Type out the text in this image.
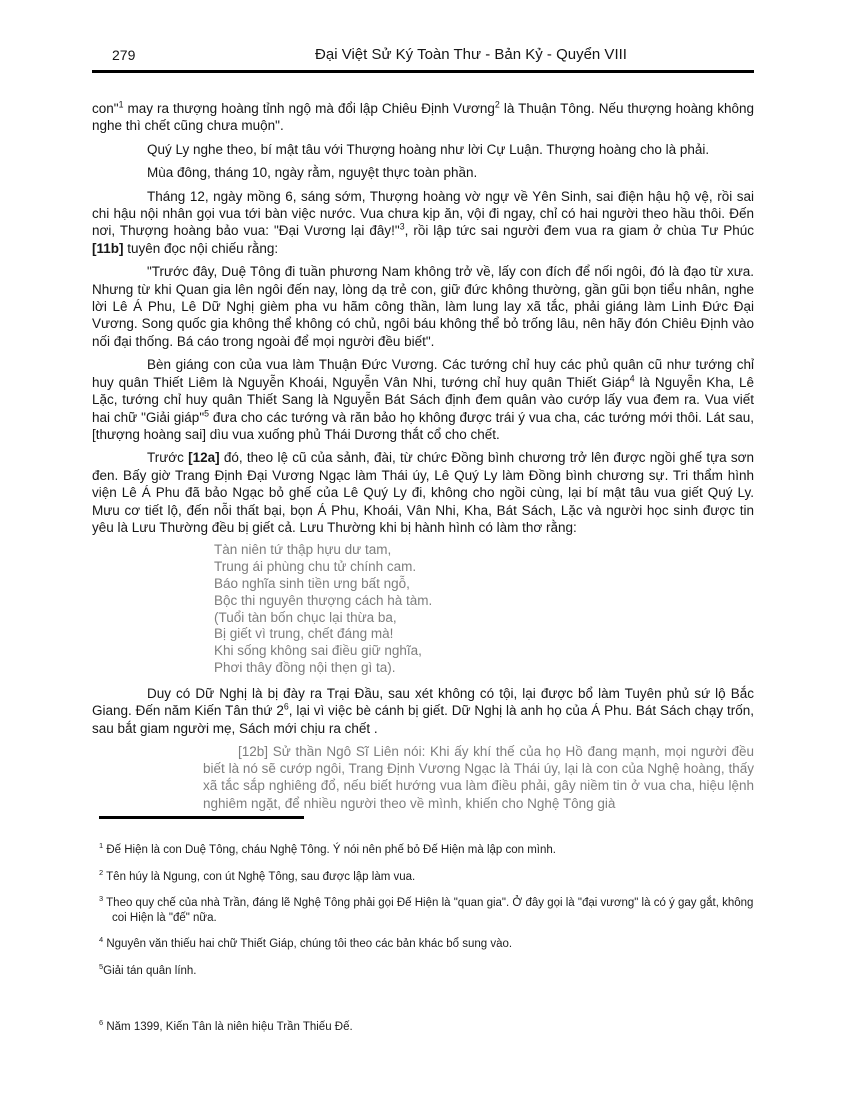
279	Đại Việt Sử Ký Toàn Thư - Bản Kỷ - Quyển VIII

con"$^1$ may ra thượng hoàng tỉnh ngộ mà đổi lập Chiêu Định Vương$^2$ là Thuận Tông. Nếu thượng hoàng không nghe thì chết cũng chưa muộn".

Quý Ly nghe theo, bí mật tâu với Thượng hoàng như lời Cự Luận. Thượng hoàng cho là phải.

Mùa đông, tháng 10, ngày rằm, nguyệt thực toàn phần.

Tháng 12, ngày mồng 6, sáng sớm, Thượng hoàng vờ ngự về Yên Sinh, sai điện hậu hộ vệ, rồi sai chi hậu nội nhân gọi vua tới bàn việc nước. Vua chưa kịp ăn, vội đi ngay, chỉ có hai người theo hầu thôi. Đến nơi, Thượng hoàng bảo vua: "Đại Vương lại đây!"$^3$, rồi lập tức sai người đem vua ra giam ở chùa Tư Phúc [11b] tuyên đọc nội chiếu rằng:

"Trước đây, Duệ Tông đi tuần phương Nam không trở về, lấy con đích để nối ngôi, đó là đạo từ xưa. Nhưng từ khi Quan gia lên ngôi đến nay, lòng dạ trẻ con, giữ đức không thường, gần gũi bọn tiểu nhân, nghe lời Lê Á Phu, Lê Dữ Nghị gièm pha vu hãm công thần, làm lung lay xã tắc, phải giáng làm Linh Đức Đại Vương. Song quốc gia không thể không có chủ, ngôi báu không thể bỏ trống lâu, nên hãy đón Chiêu Định vào nối đại thống. Bá cáo trong ngoài để mọi người đều biết".

Bèn giáng con của vua làm Thuận Đức Vương. Các tướng chỉ huy các phủ quân cũ như tướng chỉ huy quân Thiết Liêm là Nguyễn Khoái, Nguyễn Vân Nhi, tướng chỉ huy quân Thiết Giáp$^4$ là Nguyễn Kha, Lê Lặc, tướng chỉ huy quân Thiết Sang là Nguyễn Bát Sách định đem quân vào cướp lấy vua đem ra. Vua viết hai chữ "Giải giáp"$^5$ đưa cho các tướng và răn bảo họ không được trái ý vua cha, các tướng mới thôi. Lát sau, [thượng hoàng sai] dìu vua xuống phủ Thái Dương thắt cổ cho chết.

Trước [12a] đó, theo lệ cũ của sảnh, đài, từ chức Đồng bình chương trở lên được ngồi ghế tựa sơn đen. Bấy giờ Trang Định Đại Vương Ngạc làm Thái úy, Lê Quý Ly làm Đồng bình chương sự. Tri thẩm hình viện Lê Á Phu đã bảo Ngạc bỏ ghế của Lê Quý Ly đi, không cho ngồi cùng, lại bí mật tâu vua giết Quý Ly. Mưu cơ tiết lộ, đến nỗi thất bại, bọn Á Phu, Khoái, Vân Nhi, Kha, Bát Sách, Lặc và người học sinh được tin yêu là Lưu Thường đều bị giết cả. Lưu Thường khi bị hành hình có làm thơ rằng:

Tàn niên tứ thập hựu dư tam,
Trung ái phùng chu tử chính cam.
Báo nghĩa sinh tiền ưng bất ngỗ,
Bộc thi nguyên thượng cách hà tàm.
(Tuổi tàn bốn chục lại thừa ba,
Bị giết vì trung, chết đáng mà!
Khi sống không sai điều giữ nghĩa,
Phơi thây đồng nội thẹn gì ta).

Duy có Dữ Nghị là bị đày ra Trại Đầu, sau xét không có tội, lại được bổ làm Tuyên phủ sứ lộ Bắc Giang. Đến năm Kiến Tân thứ $2^6$, lại vì việc bè cánh bị giết. Dữ Nghị là anh họ của Á Phu. Bát Sách chạy trốn, sau bắt giam người mẹ, Sách mới chịu ra chết .

[12b] Sử thần Ngô Sĩ Liên nói: Khi ấy khí thế của họ Hồ đang mạnh, mọi người đều biết là nó sẽ cướp ngôi, Trang Định Vương Ngạc là Thái úy, lại là con của Nghệ hoàng, thấy xã tắc sắp nghiêng đổ, nếu biết hướng vua làm điều phải, gây niềm tin ở vua cha, hiệu lệnh nghiêm ngặt, để nhiều người theo về mình, khiến cho Nghệ Tông già
$^1$ Đế Hiện là con Duệ Tông, cháu Nghệ Tông. Ý nói nên phế bỏ Đế Hiện mà lập con mình.
$^2$ Tên húy là Ngung, con út Nghệ Tông, sau được lập làm vua.
$^3$ Theo quy chế của nhà Trần, đáng lẽ Nghệ Tông phải gọi Đế Hiện là "quan gia". Ở đây gọi là "đại vương" là có ý gay gắt, không coi Hiện là "đế" nữa.
$^4$ Nguyên văn thiếu hai chữ Thiết Giáp, chúng tôi theo các bản khác bổ sung vào.
$^5$Giải tán quân lính.
$^6$ Năm 1399, Kiến Tân là niên hiệu Trần Thiếu Đế.
